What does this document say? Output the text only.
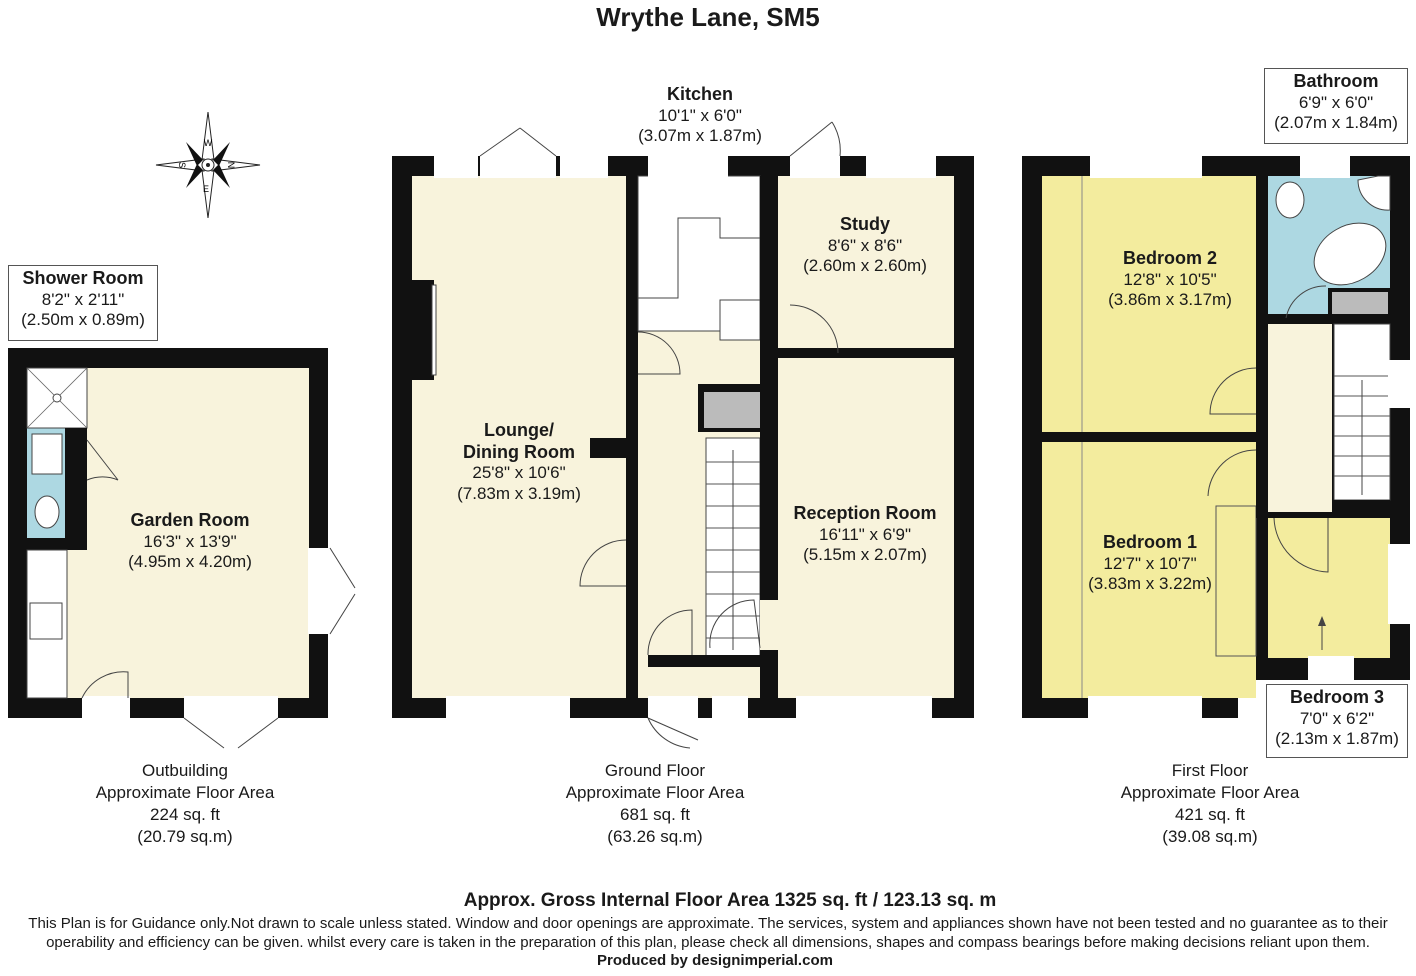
N
S
W
E
Wrythe Lane, SM5
Shower Room
8'2" x 2'11"
(2.50m x 0.89m)
Garden Room
16'3" x 13'9"
(4.95m x 4.20m)
Kitchen
10'1" x 6'0"
(3.07m x 1.87m)
Study
8'6" x 8'6"
(2.60m x 2.60m)
Lounge/
Dining Room
25'8" x 10'6"
(7.83m x 3.19m)
Reception Room
16'11" x 6'9"
(5.15m x 2.07m)
Bathroom
6'9" x 6'0"
(2.07m x 1.84m)
Bedroom 2
12'8" x 10'5"
(3.86m x 3.17m)
Bedroom 1
12'7" x 10'7"
(3.83m x 3.22m)
Bedroom 3
7'0" x 6'2"
(2.13m x 1.87m)
Outbuilding
Approximate Floor Area
224 sq. ft
(20.79 sq.m)
Ground Floor
Approximate Floor Area
681 sq. ft
(63.26 sq.m)
First Floor
Approximate Floor Area
421 sq. ft
(39.08 sq.m)
Approx. Gross Internal Floor Area 1325 sq. ft / 123.13 sq. m
This Plan is for Guidance only.Not drawn to scale unless stated. Window and door openings are approximate. The services, system and appliances shown have not been tested and no guarantee as to their operability and efficiency can be given. whilst every care is taken in the preparation of this plan, please check all dimensions, shapes and compass bearings before making decisions reliant upon them.
Produced by designimperial.com
